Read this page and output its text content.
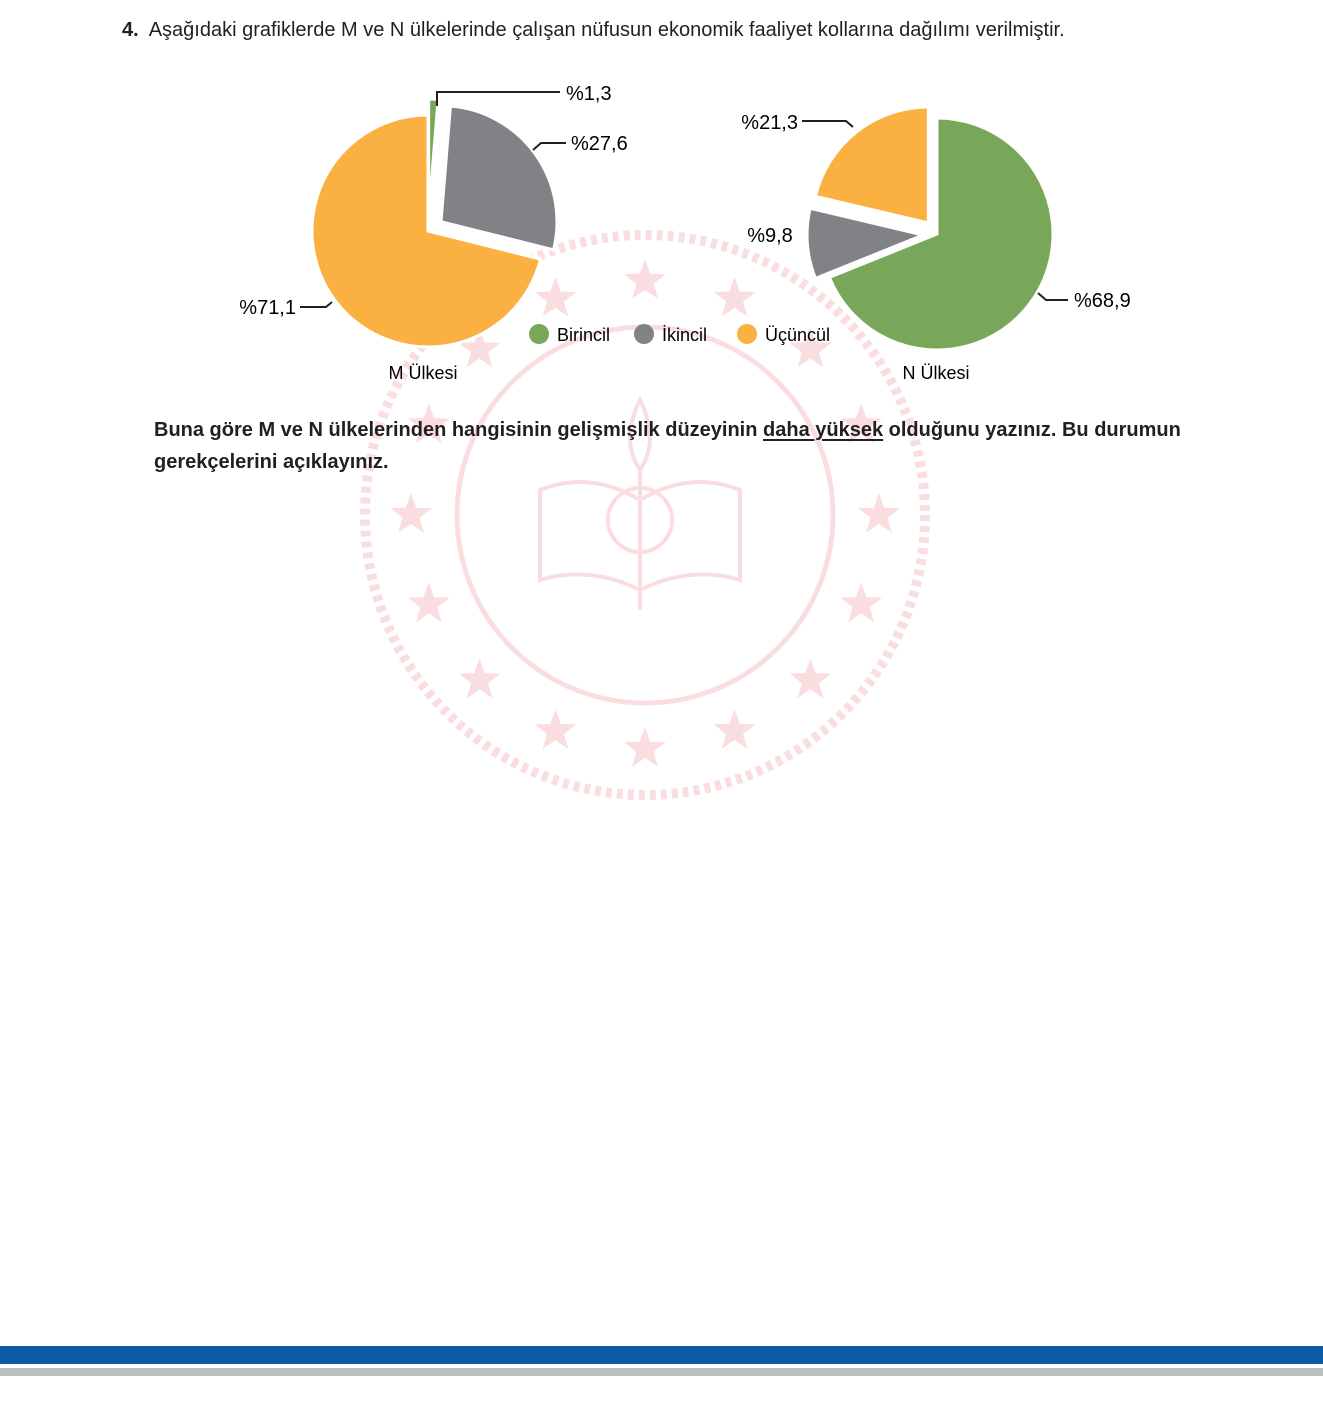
4. Aşağıdaki grafiklerde M ve N ülkelerinde çalışan nüfusun ekonomik faaliyet kollarına dağılımı verilmiştir.
%1,3
%27,6
%71,1
M Ülkesi
%21,3
%9,8
%68,9
N Ülkesi
Birincil	İkincil	Üçüncül
Buna göre M ve N ülkelerinden hangisinin gelişmişlik düzeyinin daha yüksek olduğunu yazınız. Bu durumun gerekçelerini açıklayınız.
